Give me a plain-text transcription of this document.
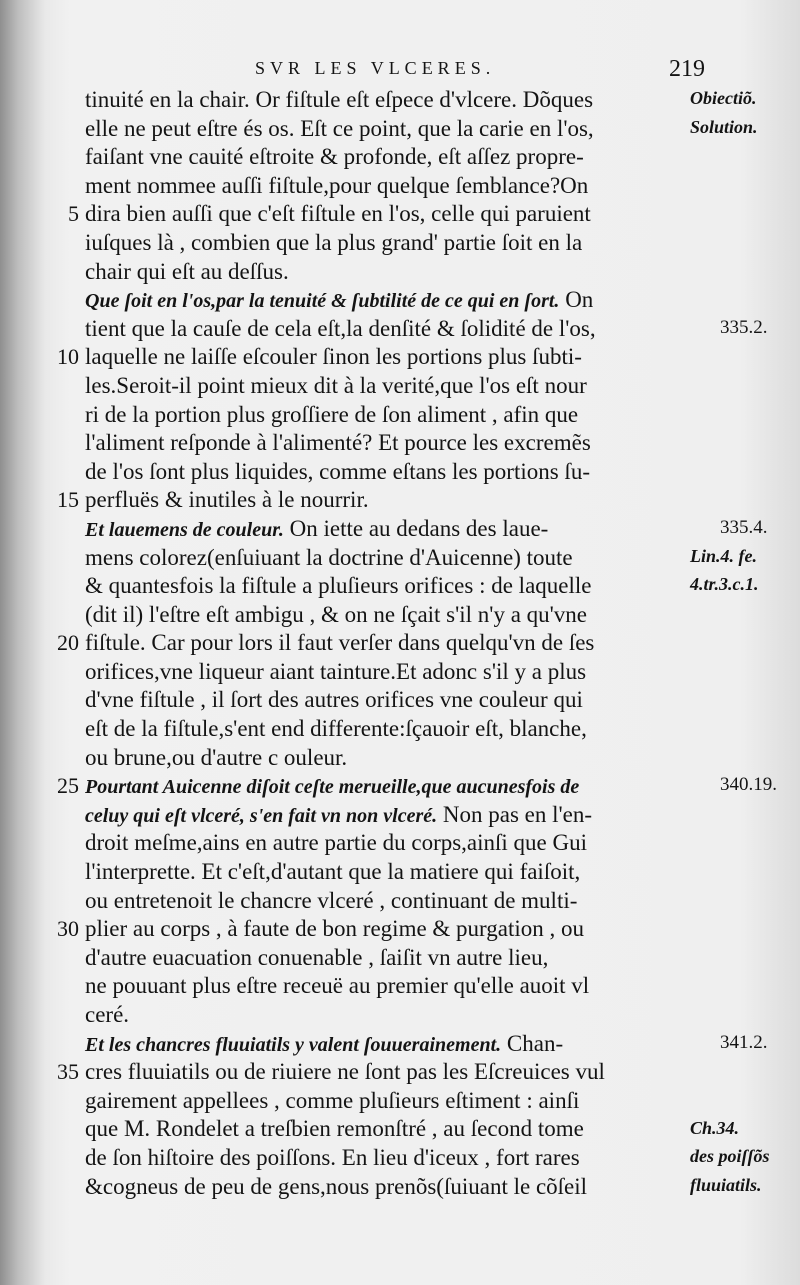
SVR LES VLCERES.	219
tinuité en la chair. Or fiſtule eſt eſpece d'vlcere. Dõques
elle ne peut eſtre és os. Eſt ce point, que la carie en l'os,
faiſant vne cauité eſtroite & profonde, eſt aſſez propre-
ment nommee auſſi fiſtule,pour quelque ſemblance?On
5 dira bien auſſi que c'eſt fiſtule en l'os, celle qui paruient
iuſques là , combien que la plus grand' partie ſoit en la
chair qui eſt au deſſus.
Que ſoit en l'os,par la tenuité & ſubtilité de ce qui en ſort. On
tient que la cauſe de cela eſt,la denſité & ſolidité de l'os,
10 laquelle ne laiſſe eſcouler ſinon les portions plus ſubti-
les.Seroit-il point mieux dit à la verité,que l'os eſt nour
ri de la portion plus groſſiere de ſon aliment , afin que
l'aliment reſponde à l'alimenté? Et pource les excremẽs
de l'os ſont plus liquides, comme eſtans les portions ſu-
15 perfluës & inutiles à le nourrir.
Et lauemens de couleur. On iette au dedans des laue-
mens colorez(enſuiuant la doctrine d'Auicenne) toute
& quantesfois la fiſtule a pluſieurs orifices : de laquelle
(dit il) l'eſtre eſt ambigu , & on ne ſçait s'il n'y a qu'vne
20 fiſtule. Car pour lors il faut verſer dans quelqu'vn de ſes
orifices,vne liqueur aiant tainture.Et adonc s'il y a plus
d'vne fiſtule , il ſort des autres orifices vne couleur qui
eſt de la fiſtule,s'ent end differente:ſçauoir eſt, blanche,
ou brune,ou d'autre c ouleur.
25 Pourtant Auicenne diſoit ceſte merueille,que aucunesfois de
celuy qui eſt vlceré, s'en fait vn non vlceré. Non pas en l'en-
droit meſme,ains en autre partie du corps,ainſi que Gui
l'interprette. Et c'eſt,d'autant que la matiere qui faiſoit,
ou entretenoit le chancre vlceré , continuant de multi-
30 plier au corps , à faute de bon regime & purgation , ou
d'autre euacuation conuenable , ſaiſit vn autre lieu,
ne pouuant plus eſtre receuë au premier qu'elle auoit vl
ceré.
Et les chancres fluuiatils y valent ſouuerainement. Chan-
35 cres fluuiatils ou de riuiere ne ſont pas les Eſcreuices vul
gairement appellees , comme pluſieurs eſtiment : ainſi
que M. Rondelet a treſbien remonſtré , au ſecond tome
de ſon hiſtoire des poiſſons. En lieu d'iceux , fort rares
&cogneus de peu de gens,nous prenõs(ſuiuant le cõſeil
Obiectiõ.
Solution.
335.2.
335.4.
Lin.4. fe.
4.tr.3.c.1.
340.19.
341.2.
Ch.34.
des poiſſõs
fluuiatils.
